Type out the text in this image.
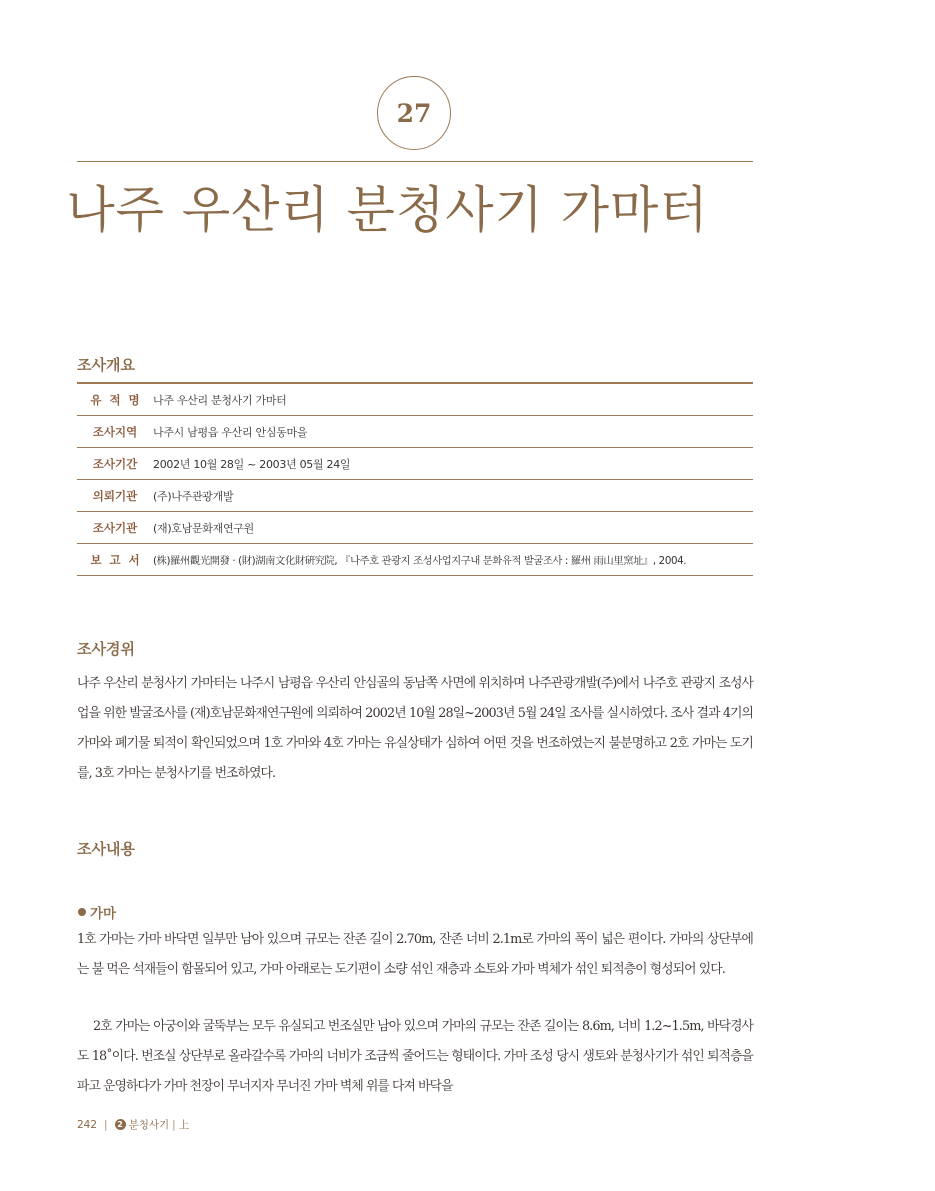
27
나주 우산리 분청사기 가마터
조사개요
유  적  명	나주 우산리 분청사기 가마터
조사지역	나주시 남평읍 우산리 안심동마을
조사기간	2002년 10월 28일 ~ 2003년 05월 24일
의뢰기관	(주)나주관광개발
조사기관	(재)호남문화재연구원
보  고  서	(株)羅州觀光開發 · (財)湖南文化財硏究院, 『나주호 관광지 조성사업지구내 문화유적 발굴조사 : 羅州 雨山里窯址』, 2004.
조사경위

나주 우산리 분청사기 가마터는 나주시 남평읍 우산리 안심골의 동남쪽 사면에 위치하며 나주관광개발(주)에서 나주호 관광지 조성사업을 위한 발굴조사를 (재)호남문화재연구원에 의뢰하여 2002년 10월 28일~2003년 5월 24일 조사를 실시하였다. 조사 결과 4기의 가마와 폐기물 퇴적이 확인되었으며 1호 가마와 4호 가마는 유실상태가 심하여 어떤 것을 번조하였는지 불분명하고 2호 가마는 도기를, 3호 가마는 분청사기를 번조하였다.

조사내용
가마

1호 가마는 가마 바닥면 일부만 남아 있으며 규모는 잔존 길이 2.70m, 잔존 너비 2.1m로 가마의 폭이 넓은 편이다. 가마의 상단부에는 불 먹은 석재들이 함몰되어 있고, 가마 아래로는 도기편이 소량 섞인 재층과 소토와 가마 벽체가 섞인 퇴적층이 형성되어 있다.

2호 가마는 아궁이와 굴뚝부는 모두 유실되고 번조실만 남아 있으며 가마의 규모는 잔존 길이는 8.6m, 너비 1.2~1.5m, 바닥경사도 18˚이다. 번조실 상단부로 올라갈수록 가마의 너비가 조금씩 줄어드는 형태이다. 가마 조성 당시 생토와 분청사기가 섞인 퇴적층을 파고 운영하다가 가마 천장이 무너지자 무너진 가마 벽체 위를 다져 바닥을

242 |	2 분청사기 | 上
